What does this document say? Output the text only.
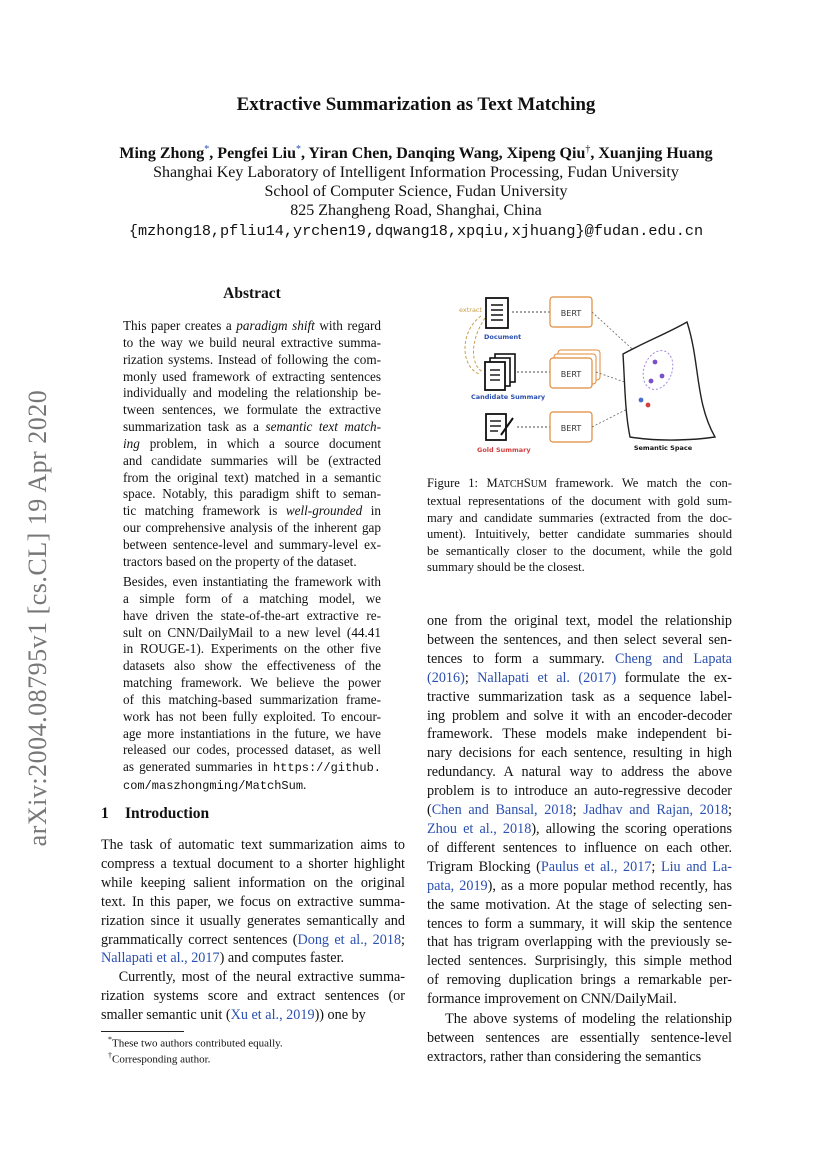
arXiv:2004.08795v1 [cs.CL] 19 Apr 2020
Extractive Summarization as Text Matching
Ming Zhong*, Pengfei Liu*, Yiran Chen, Danqing Wang, Xipeng Qiu†, Xuanjing Huang
Shanghai Key Laboratory of Intelligent Information Processing, Fudan University
School of Computer Science, Fudan University
825 Zhangheng Road, Shanghai, China
{mzhong18,pfliu14,yrchen19,dqwang18,xpqiu,xjhuang}@fudan.edu.cn
Abstract
This paper creates a paradigm shift with regard
to the way we build neural extractive summa-
rization systems. Instead of following the com-
monly used framework of extracting sentences
individually and modeling the relationship be-
tween sentences, we formulate the extractive
summarization task as a semantic text match-
ing problem, in which a source document
and candidate summaries will be (extracted
from the original text) matched in a semantic
space. Notably, this paradigm shift to seman-
tic matching framework is well-grounded in
our comprehensive analysis of the inherent gap
between sentence-level and summary-level ex-
tractors based on the property of the dataset.
Besides, even instantiating the framework with
a simple form of a matching model, we
have driven the state-of-the-art extractive re-
sult on CNN/DailyMail to a new level (44.41
in ROUGE-1). Experiments on the other five
datasets also show the effectiveness of the
matching framework. We believe the power
of this matching-based summarization frame-
work has not been fully exploited. To encour-
age more instantiations in the future, we have
released our codes, processed dataset, as well
as generated summaries in https://github.
com/maszhongming/MatchSum.
1 Introduction
The task of automatic text summarization aims to
compress a textual document to a shorter highlight
while keeping salient information on the original
text. In this paper, we focus on extractive summa-
rization since it usually generates semantically and
grammatically correct sentences (Dong et al., 2018;
Nallapati et al., 2017) and computes faster.
Currently, most of the neural extractive summa-
rization systems score and extract sentences (or
smaller semantic unit (Xu et al., 2019)) one by
*These two authors contributed equally.
†Corresponding author.
extract
Document
Candidate Summary
Gold Summary
BERT
BERT
BERT
Semantic Space
Figure 1: MATCHSUM framework. We match the con-
textual representations of the document with gold sum-
mary and candidate summaries (extracted from the doc-
ument). Intuitively, better candidate summaries should
be semantically closer to the document, while the gold
summary should be the closest.
one from the original text, model the relationship
between the sentences, and then select several sen-
tences to form a summary. Cheng and Lapata
(2016); Nallapati et al. (2017) formulate the ex-
tractive summarization task as a sequence label-
ing problem and solve it with an encoder-decoder
framework. These models make independent bi-
nary decisions for each sentence, resulting in high
redundancy. A natural way to address the above
problem is to introduce an auto-regressive decoder
(Chen and Bansal, 2018; Jadhav and Rajan, 2018;
Zhou et al., 2018), allowing the scoring operations
of different sentences to influence on each other.
Trigram Blocking (Paulus et al., 2017; Liu and La-
pata, 2019), as a more popular method recently, has
the same motivation. At the stage of selecting sen-
tences to form a summary, it will skip the sentence
that has trigram overlapping with the previously se-
lected sentences. Surprisingly, this simple method
of removing duplication brings a remarkable per-
formance improvement on CNN/DailyMail.
The above systems of modeling the relationship
between sentences are essentially sentence-level
extractors, rather than considering the semantics
